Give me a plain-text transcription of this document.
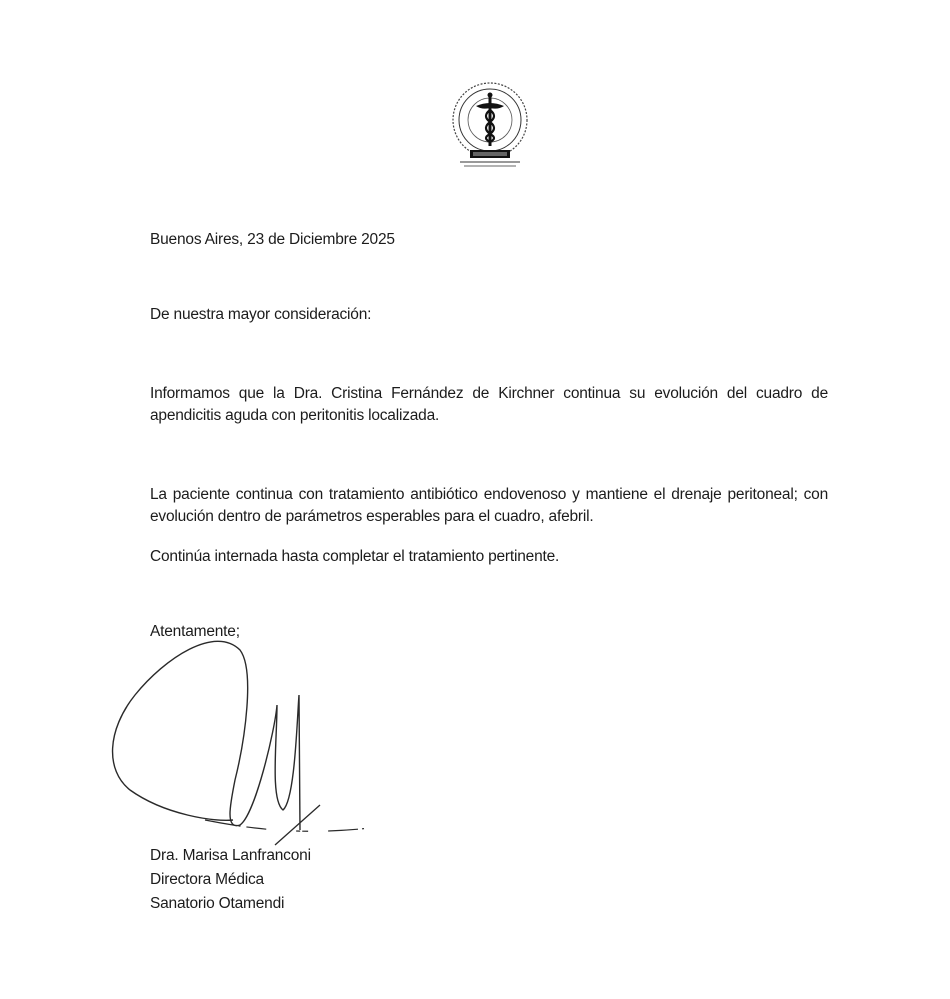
Buenos Aires, 23 de Diciembre 2025
De nuestra mayor consideración:
Informamos que la Dra. Cristina Fernández de Kirchner continua su evolución del cuadro de apendicitis aguda con peritonitis localizada.
La paciente continua con tratamiento antibiótico endovenoso y mantiene el drenaje peritoneal; con evolución dentro de parámetros esperables para el cuadro, afebril.
Continúa internada hasta completar el tratamiento pertinente.
Atentamente;
Dra. Marisa Lanfranconi
Directora Médica
Sanatorio Otamendi
